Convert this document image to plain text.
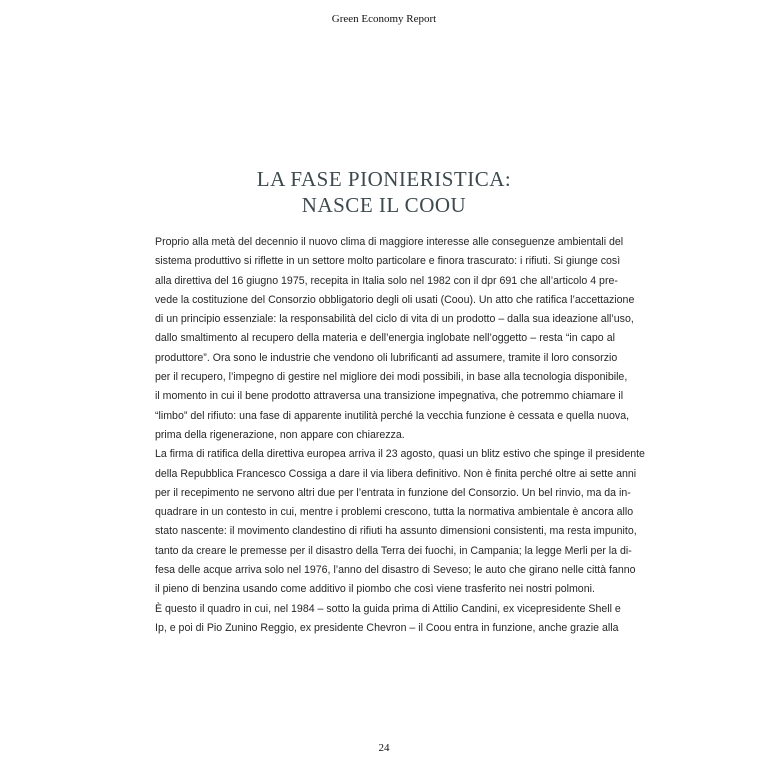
Green Economy Report
LA FASE PIONIERISTICA:
NASCE IL COOU
Proprio alla metà del decennio il nuovo clima di maggiore interesse alle conseguenze ambientali del
sistema produttivo si riflette in un settore molto particolare e finora trascurato: i rifiuti. Si giunge così
alla direttiva del 16 giugno 1975, recepita in Italia solo nel 1982 con il dpr 691 che all’articolo 4 pre-
vede la costituzione del Consorzio obbligatorio degli oli usati (Coou). Un atto che ratifica l’accettazione
di un principio essenziale: la responsabilità del ciclo di vita di un prodotto – dalla sua ideazione all’uso,
dallo smaltimento al recupero della materia e dell’energia inglobate nell’oggetto – resta “in capo al
produttore”. Ora sono le industrie che vendono oli lubrificanti ad assumere, tramite il loro consorzio
per il recupero, l’impegno di gestire nel migliore dei modi possibili, in base alla tecnologia disponibile,
il momento in cui il bene prodotto attraversa una transizione impegnativa, che potremmo chiamare il
“limbo” del rifiuto: una fase di apparente inutilità perché la vecchia funzione è cessata e quella nuova,
prima della rigenerazione, non appare con chiarezza.
La firma di ratifica della direttiva europea arriva il 23 agosto, quasi un blitz estivo che spinge il presidente
della Repubblica Francesco Cossiga a dare il via libera definitivo. Non è finita perché oltre ai sette anni
per il recepimento ne servono altri due per l’entrata in funzione del Consorzio. Un bel rinvio, ma da in-
quadrare in un contesto in cui, mentre i problemi crescono, tutta la normativa ambientale è ancora allo
stato nascente: il movimento clandestino di rifiuti ha assunto dimensioni consistenti, ma resta impunito,
tanto da creare le premesse per il disastro della Terra dei fuochi, in Campania; la legge Merli per la di-
fesa delle acque arriva solo nel 1976, l’anno del disastro di Seveso; le auto che girano nelle città fanno
il pieno di benzina usando come additivo il piombo che così viene trasferito nei nostri polmoni.
È questo il quadro in cui, nel 1984 – sotto la guida prima di Attilio Candini, ex vicepresidente Shell e
Ip, e poi di Pio Zunino Reggio, ex presidente Chevron – il Coou entra in funzione, anche grazie alla
24
